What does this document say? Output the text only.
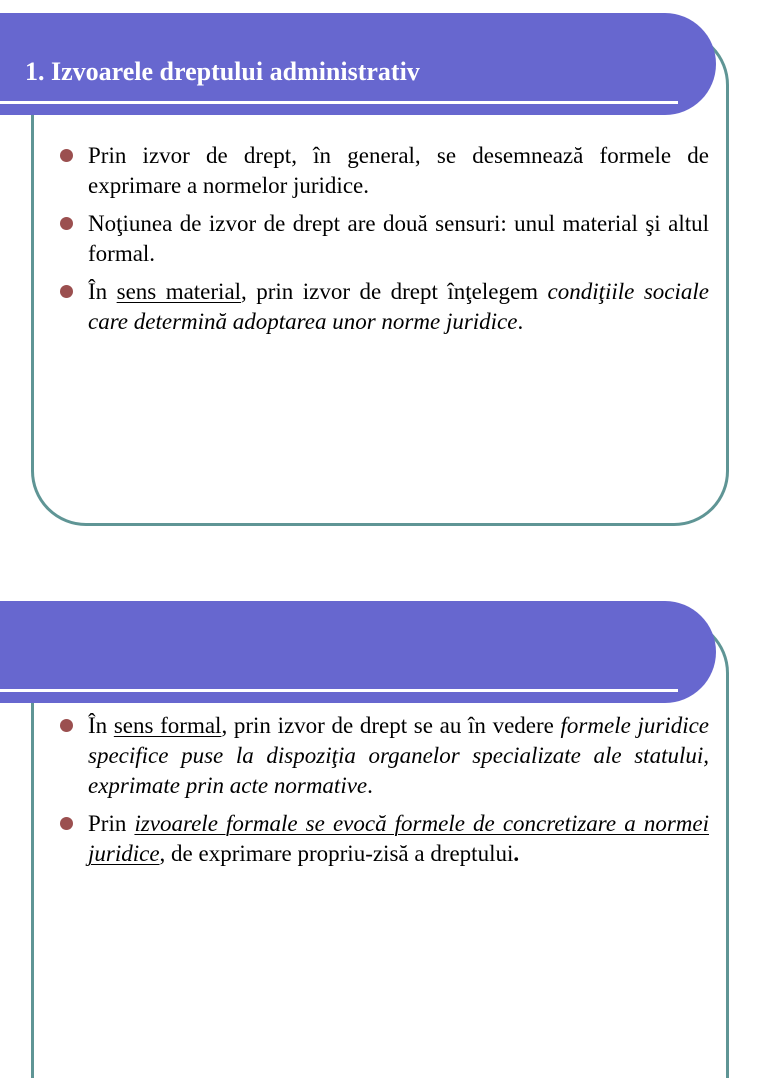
1. Izvoarele dreptului administrativ
Prin izvor de drept, în general, se desemnează formele de exprimare a normelor juridice.
Noţiunea de izvor de drept are două sensuri: unul material şi altul formal.
În sens material, prin izvor de drept înţelegem condiţiile sociale care determină adoptarea unor norme juridice.
În sens formal, prin izvor de drept se au în vedere formele juridice specifice puse la dispoziţia organelor specializate ale statului, exprimate prin acte normative.
Prin izvoarele formale se evocă formele de concretizare a normei juridice, de exprimare propriu-zisă a dreptului.
